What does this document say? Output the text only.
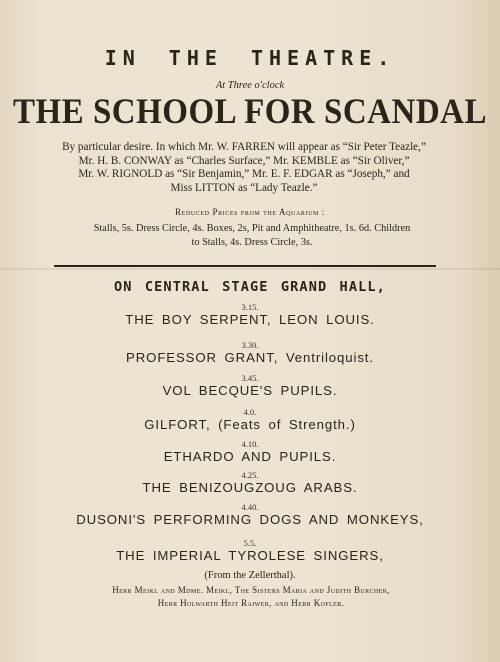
IN THE THEATRE.
At Three o'clock
THE SCHOOL FOR SCANDAL
By particular desire. In which Mr. W. FARREN will appear as “Sir Peter Teazle,”
Mr. H. B. CONWAY as “Charles Surface,” Mr. KEMBLE as “Sir Oliver,”
Mr. W. RIGNOLD as “Sir Benjamin,” Mr. E. F. EDGAR as “Joseph,” and
Miss LITTON as “Lady Teazle.”
Reduced Prices from the Aquarium :
Stalls, 5s. Dress Circle, 4s. Boxes, 2s, Pit and Amphitheatre, 1s. 6d. Children
to Stalls, 4s. Dress Circle, 3s.
ON CENTRAL STAGE GRAND HALL,
3.15.
THE BOY SERPENT, LEON LOUIS.
3.30.
PROFESSOR GRANT, Ventriloquist.
3.45.
VOL BECQUE'S PUPILS.
4.0.
GILFORT, (Feats of Strength.)
4.10.
ETHARDO AND PUPILS.
4.25.
THE BENIZOUGZOUG ARABS.
4.40.
DUSONI'S PERFORMING DOGS AND MONKEYS,
5.5.
THE IMPERIAL TYROLESE SINGERS,
(From the Zellerthal).
Herr Meikl and Mdme. Meikl, The Sisters Maria and Judith Burcher,
Herr Holwarth Heit Raiwer, and Herr Kofler.
